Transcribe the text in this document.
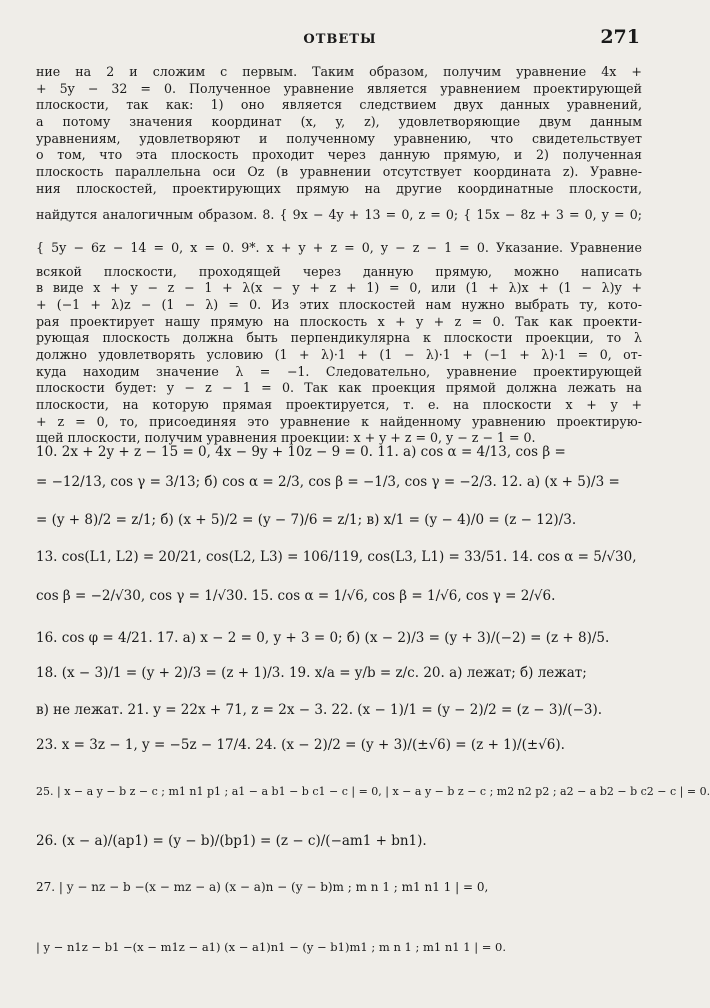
ОТВЕТЫ	271
ние на 2 и сложим с первым. Таким образом, получим уравнение 4x +
+ 5y − 32 = 0. Полученное уравнение является уравнением проектирующей
плоскости, так как: 1) оно является следствием двух данных уравнений,
а потому значения координат (x, y, z), удовлетворяющие двум данным
уравнениям, удовлетворяют и полученному уравнению, что свидетельствует
о том, что эта плоскость проходит через данную прямую, и 2) полученная
плоскость параллельна оси Oz (в уравнении отсутствует координата z). Уравне-
ния плоскостей, проектирующих прямую на другие координатные плоскости,
найдутся аналогичным образом. 8. { 9x − 4y + 13 = 0, z = 0; { 15x − 8z + 3 = 0, y = 0;
{ 5y − 6z − 14 = 0, x = 0. 9*. x + y + z = 0, y − z − 1 = 0. Указание. Уравнение
всякой плоскости, проходящей через данную прямую, можно написать
в виде x + y − z − 1 + λ(x − y + z + 1) = 0, или (1 + λ)x + (1 − λ)y +
+ (−1 + λ)z − (1 − λ) = 0. Из этих плоскостей нам нужно выбрать ту, кото-
рая проектирует нашу прямую на плоскость x + y + z = 0. Так как проекти-
рующая плоскость должна быть перпендикулярна к плоскости проекции, то λ
должно удовлетворять условию (1 + λ)·1 + (1 − λ)·1 + (−1 + λ)·1 = 0, от-
куда находим значение λ = −1. Следовательно, уравнение проектирующей
плоскости будет: y − z − 1 = 0. Так как проекция прямой должна лежать на
плоскости, на которую прямая проектируется, т. е. на плоскости x + y +
+ z = 0, то, присоединяя это уравнение к найденному уравнению проектирую-
щей плоскости, получим уравнения проекции: x + y + z = 0, y − z − 1 = 0.
10. 2x + 2y + z − 15 = 0, 4x − 9y + 10z − 9 = 0. 11. a) cos α = 4/13, cos β =
= −12/13, cos γ = 3/13; б) cos α = 2/3, cos β = −1/3, cos γ = −2/3. 12. a) (x + 5)/3 =
= (y + 8)/2 = z/1; б) (x + 5)/2 = (y − 7)/6 = z/1; в) x/1 = (y − 4)/0 = (z − 12)/3.
13. cos(L1, L2) = 20/21, cos(L2, L3) = 106/119, cos(L3, L1) = 33/51. 14. cos α = 5/√30,
cos β = −2/√30, cos γ = 1/√30. 15. cos α = 1/√6, cos β = 1/√6, cos γ = 2/√6.
16. cos φ = 4/21. 17. a) x − 2 = 0, y + 3 = 0; б) (x − 2)/3 = (y + 3)/(−2) = (z + 8)/5.
18. (x − 3)/1 = (y + 2)/3 = (z + 1)/3. 19. x/a = y/b = z/c. 20. a) лежат; б) лежат;
в) не лежат. 21. y = 22x + 71, z = 2x − 3. 22. (x − 1)/1 = (y − 2)/2 = (z − 3)/(−3).
23. x = 3z − 1, y = −5z − 17/4. 24. (x − 2)/2 = (y + 3)/(±√6) = (z + 1)/(±√6).
25. | x − a y − b z − c ; m1 n1 p1 ; a1 − a b1 − b c1 − c | = 0, | x − a y − b z − c ; m2 n2 p2 ; a2 − a b2 − b c2 − c | = 0.
26. (x − a)/(ap1) = (y − b)/(bp1) = (z − c)/(−am1 + bn1).
27. | y − nz − b −(x − mz − a) (x − a)n − (y − b)m ; m n 1 ; m1 n1 1 | = 0,
| y − n1z − b1 −(x − m1z − a1) (x − a1)n1 − (y − b1)m1 ; m n 1 ; m1 n1 1 | = 0.
